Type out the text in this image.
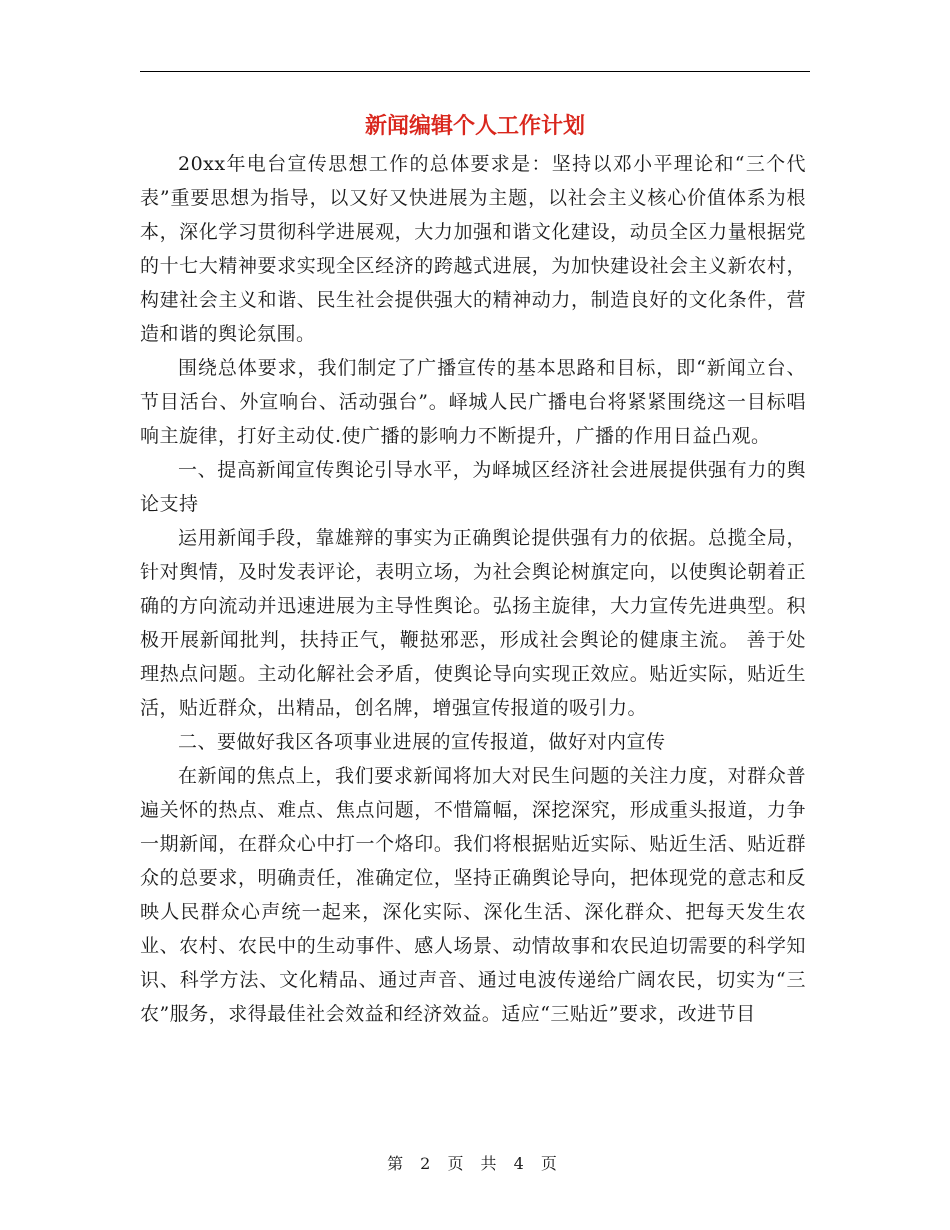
新闻编辑个人工作计划

20xx年电台宣传思想工作的总体要求是：坚持以邓小平理论和“三个代表”重要思想为指导，以又好又快进展为主题，以社会主义核心价值体系为根本，深化学习贯彻科学进展观，大力加强和谐文化建设，动员全区力量根据党的十七大精神要求实现全区经济的跨越式进展，为加快建设社会主义新农村，构建社会主义和谐、民生社会提供强大的精神动力，制造良好的文化条件，营造和谐的舆论氛围。

围绕总体要求，我们制定了广播宣传的基本思路和目标，即“新闻立台、节目活台、外宣响台、活动强台”。峄城人民广播电台将紧紧围绕这一目标唱响主旋律，打好主动仗.使广播的影响力不断提升，广播的作用日益凸观。

一、提高新闻宣传舆论引导水平，为峄城区经济社会进展提供强有力的舆论支持

运用新闻手段，靠雄辩的事实为正确舆论提供强有力的依据。总揽全局，针对舆情，及时发表评论，表明立场，为社会舆论树旗定向，以使舆论朝着正确的方向流动并迅速进展为主导性舆论。弘扬主旋律，大力宣传先进典型。积极开展新闻批判，扶持正气，鞭挞邪恶，形成社会舆论的健康主流。 善于处理热点问题。主动化解社会矛盾，使舆论导向实现正效应。贴近实际，贴近生活，贴近群众，出精品，创名牌，增强宣传报道的吸引力。

二、要做好我区各项事业进展的宣传报道，做好对内宣传

在新闻的焦点上，我们要求新闻将加大对民生问题的关注力度，对群众普遍关怀的热点、难点、焦点问题，不惜篇幅，深挖深究，形成重头报道，力争一期新闻，在群众心中打一个烙印。我们将根据贴近实际、贴近生活、贴近群众的总要求，明确责任，准确定位，坚持正确舆论导向，把体现党的意志和反映人民群众心声统一起来，深化实际、深化生活、深化群众、把每天发生农业、农村、农民中的生动事件、感人场景、动情故事和农民迫切需要的科学知识、科学方法、文化精品、通过声音、通过电波传递给广阔农民，切实为“三农”服务，求得最佳社会效益和经济效益。适应“三贴近”要求，改进节目

第 2 页 共 4 页
